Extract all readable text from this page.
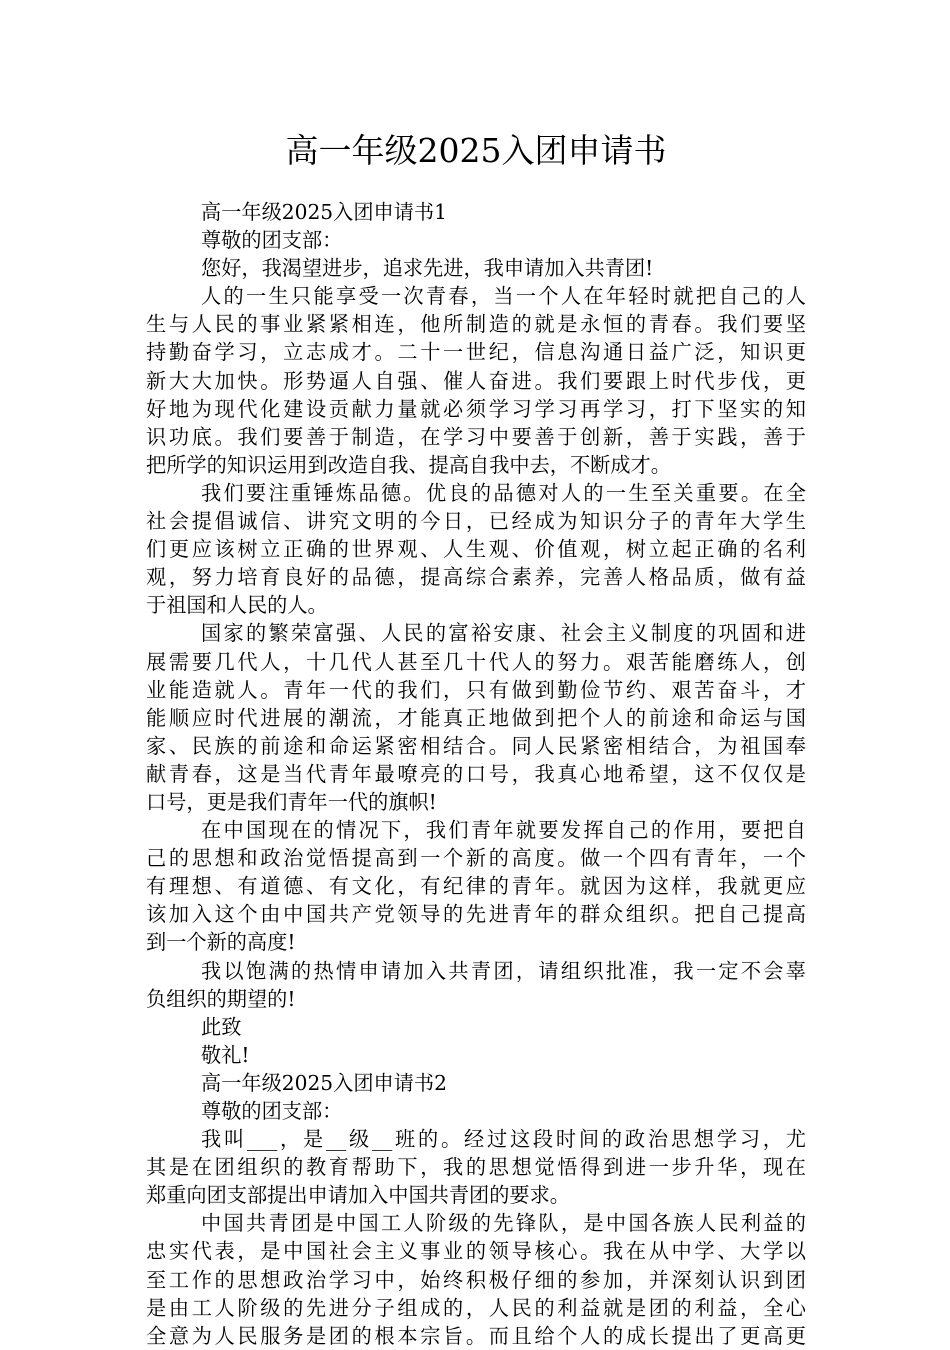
高一年级2025入团申请书
高一年级2025入团申请书1
尊敬的团支部：
您好，我渴望进步，追求先进，我申请加入共青团!
人的一生只能享受一次青春，当一个人在年轻时就把自己的人
生与人民的事业紧紧相连，他所制造的就是永恒的青春。我们要坚
持勤奋学习，立志成才。二十一世纪，信息沟通日益广泛，知识更
新大大加快。形势逼人自强、催人奋进。我们要跟上时代步伐，更
好地为现代化建设贡献力量就必须学习学习再学习，打下坚实的知
识功底。我们要善于制造，在学习中要善于创新，善于实践，善于
把所学的知识运用到改造自我、提高自我中去，不断成才。
我们要注重锤炼品德。优良的品德对人的一生至关重要。在全
社会提倡诚信、讲究文明的今日，已经成为知识分子的青年大学生
们更应该树立正确的世界观、人生观、价值观，树立起正确的名利
观，努力培育良好的品德，提高综合素养，完善人格品质，做有益
于祖国和人民的人。
国家的繁荣富强、人民的富裕安康、社会主义制度的巩固和进
展需要几代人，十几代人甚至几十代人的努力。艰苦能磨练人，创
业能造就人。青年一代的我们，只有做到勤俭节约、艰苦奋斗，才
能顺应时代进展的潮流，才能真正地做到把个人的前途和命运与国
家、民族的前途和命运紧密相结合。同人民紧密相结合，为祖国奉
献青春，这是当代青年最嘹亮的口号，我真心地希望，这不仅仅是
口号，更是我们青年一代的旗帜!
在中国现在的情况下，我们青年就要发挥自己的作用，要把自
己的思想和政治觉悟提高到一个新的高度。做一个四有青年，一个
有理想、有道德、有文化，有纪律的青年。就因为这样，我就更应
该加入这个由中国共产党领导的先进青年的群众组织。把自己提高
到一个新的高度!
我以饱满的热情申请加入共青团，请组织批准，我一定不会辜
负组织的期望的!
此致
敬礼!
高一年级2025入团申请书2
尊敬的团支部：
我叫___，是__级__班的。经过这段时间的政治思想学习，尤
其是在团组织的教育帮助下，我的思想觉悟得到进一步升华，现在
郑重向团支部提出申请加入中国共青团的要求。
中国共青团是中国工人阶级的先锋队，是中国各族人民利益的
忠实代表，是中国社会主义事业的领导核心。我在从中学、大学以
至工作的思想政治学习中，始终积极仔细的参加，并深刻认识到团
是由工人阶级的先进分子组成的，人民的利益就是团的利益，全心
全意为人民服务是团的根本宗旨。而且给个人的成长提出了更高更
